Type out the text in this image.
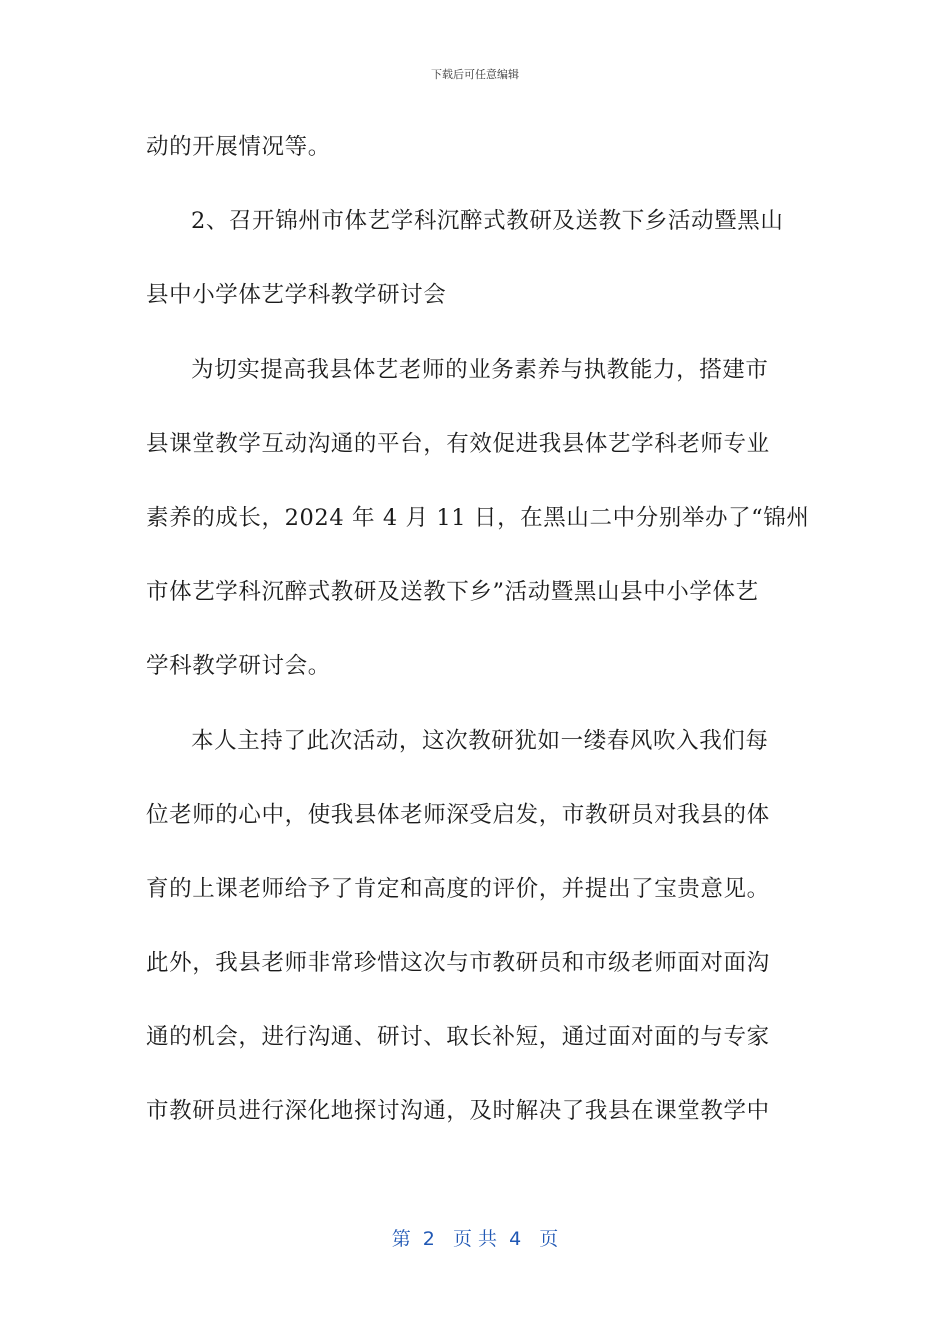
下载后可任意编辑
动的开展情况等。
2、召开锦州市体艺学科沉醉式教研及送教下乡活动暨黑山
县中小学体艺学科教学研讨会
为切实提高我县体艺老师的业务素养与执教能力，搭建市
县课堂教学互动沟通的平台，有效促进我县体艺学科老师专业
素养的成长，2024 年 4 月 11 日，在黑山二中分别举办了“锦州
市体艺学科沉醉式教研及送教下乡”活动暨黑山县中小学体艺
学科教学研讨会。
本人主持了此次活动，这次教研犹如一缕春风吹入我们每
位老师的心中，使我县体老师深受启发，市教研员对我县的体
育的上课老师给予了肯定和高度的评价，并提出了宝贵意见。
此外，我县老师非常珍惜这次与市教研员和市级老师面对面沟
通的机会，进行沟通、研讨、取长补短，通过面对面的与专家
市教研员进行深化地探讨沟通，及时解决了我县在课堂教学中
第  2   页 共  4   页
